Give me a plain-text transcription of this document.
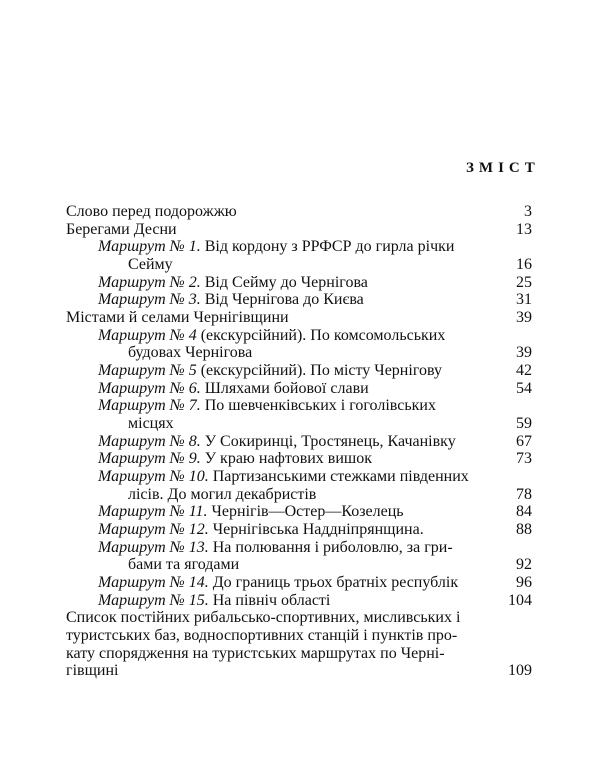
ЗМІСТ
Слово перед подорожжю	3
Берегами Десни	13
Маршрут № 1. Від кордону з РРФСР до гирла річки
Сейму	16
Маршрут № 2. Від Сейму до Чернігова	25
Маршрут № 3. Від Чернігова до Києва	31
Містами й селами Чернігівщини	39
Маршрут № 4 (екскурсійний). По комсомольських
будовах Чернігова	39
Маршрут № 5 (екскурсійний). По місту Чернігову	42
Маршрут № 6. Шляхами бойової слави	54
Маршрут № 7. По шевченківських і гоголівських
місцях	59
Маршрут № 8. У Сокиринці, Тростянець, Качанівку	67
Маршрут № 9. У краю нафтових вишок	73
Маршрут № 10. Партизанськими стежками південних
лісів. До могил декабристів	78
Маршрут № 11. Чернігів—Остер—Козелець	84
Маршрут № 12. Чернігівська Наддніпрянщина.	88
Маршрут № 13. На полювання і риболовлю, за гри-
бами та ягодами	92
Маршрут № 14. До границь трьох братніх республік	96
Маршрут № 15. На північ області	104
Список постійних рибальсько-спортивних, мисливських і
туристських баз, водноспортивних станцій і пунктів про-
кату спорядження на туристських маршрутах по Черні-
гівщині	109
